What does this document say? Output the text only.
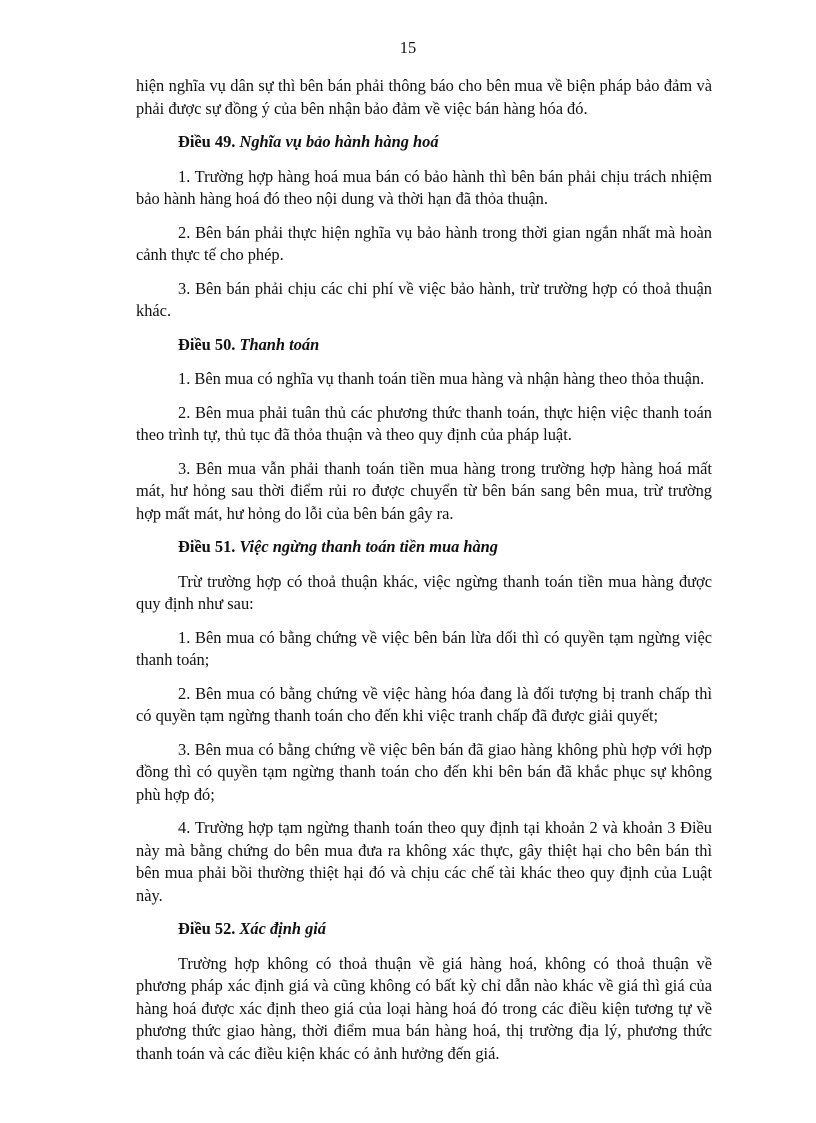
15

hiện nghĩa vụ dân sự thì bên bán phải thông báo cho bên mua về biện pháp bảo đảm và phải được sự đồng ý của bên nhận bảo đảm về việc bán hàng hóa đó.

Điều 49. Nghĩa vụ bảo hành hàng hoá

1. Trường hợp hàng hoá mua bán có bảo hành thì bên bán phải chịu trách nhiệm bảo hành hàng hoá đó theo nội dung và thời hạn đã thỏa thuận.

2. Bên bán phải thực hiện nghĩa vụ bảo hành trong thời gian ngắn nhất mà hoàn cảnh thực tế cho phép.

3. Bên bán phải chịu các chi phí về việc bảo hành, trừ trường hợp có thoả thuận khác.

Điều 50. Thanh toán

1. Bên mua có nghĩa vụ thanh toán tiền mua hàng và nhận hàng theo thỏa thuận.

2. Bên mua phải tuân thủ các phương thức thanh toán, thực hiện việc thanh toán theo trình tự, thủ tục đã thỏa thuận và theo quy định của pháp luật.

3. Bên mua vẫn phải thanh toán tiền mua hàng trong trường hợp hàng hoá mất mát, hư hỏng sau thời điểm rủi ro được chuyển từ bên bán sang bên mua, trừ trường hợp mất mát, hư hỏng do lỗi của bên bán gây ra.

Điều 51. Việc ngừng thanh toán tiền mua hàng

Trừ trường hợp có thoả thuận khác, việc ngừng thanh toán tiền mua hàng được quy định như sau:

1. Bên mua có bằng chứng về việc bên bán lừa dối thì có quyền tạm ngừng việc thanh toán;

2. Bên mua có bằng chứng về việc hàng hóa đang là đối tượng bị tranh chấp thì có quyền tạm ngừng thanh toán cho đến khi việc tranh chấp đã được giải quyết;

3. Bên mua có bằng chứng về việc bên bán đã giao hàng không phù hợp với hợp đồng thì có quyền tạm ngừng thanh toán cho đến khi bên bán đã khắc phục sự không phù hợp đó;

4. Trường hợp tạm ngừng thanh toán theo quy định tại khoản 2 và khoản 3 Điều này mà bằng chứng do bên mua đưa ra không xác thực, gây thiệt hại cho bên bán thì bên mua phải bồi thường thiệt hại đó và chịu các chế tài khác theo quy định của Luật này.

Điều 52. Xác định giá

Trường hợp không có thoả thuận về giá hàng hoá, không có thoả thuận về phương pháp xác định giá và cũng không có bất kỳ chỉ dẫn nào khác về giá thì giá của hàng hoá được xác định theo giá của loại hàng hoá đó trong các điều kiện tương tự về phương thức giao hàng, thời điểm mua bán hàng hoá, thị trường địa lý, phương thức thanh toán và các điều kiện khác có ảnh hưởng đến giá.
